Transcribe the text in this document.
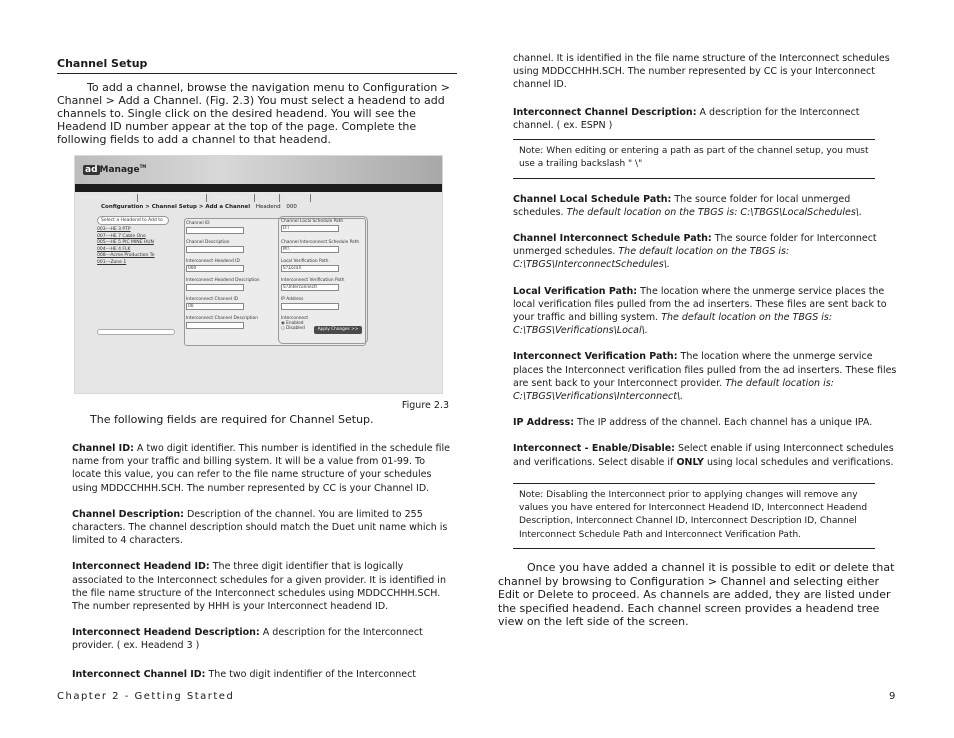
Channel Setup
To add a channel, browse the navigation menu to Configuration > Channel > Add a Channel. (Fig. 2.3) You must select a headend to add channels to. Single click on the desired headend. You will see the Headend ID number appear at the top of the page. Complete the following fields to add a channel to that headend.
ad Manage™
Alarm Management	Content Management	Configuration	Help	Logout
Configuration > Channel Setup > Add a Channel Headend 000
Select a Headend to Add to
003---HE 3 PTP
007---HE 7 Cable One
005---HE 5 PIC MINE HUN
004---HE 4 FLK
008---Acme Production Te
001---Zone 1
Channel ID
Channel Description
Interconnect Headend ID
000
Interconnect Headend Description
Interconnect Channel ID
00
Interconnect Channel Description
Channel Local Schedule Path
D:\
Channel Interconnect Schedule Path
M:\
Local Verification Path
S:\Local\
Interconnect Verification Path
S:\Interconnect\
IP Address
Interconnect
◉ Enabled
○ Disabled	Apply Changes >>
Figure 2.3
The following fields are required for Channel Setup.
Channel ID: A two digit identifier. This number is identified in the schedule file name from your traffic and billing system. It will be a value from 01-99. To locate this value, you can refer to the file name structure of your schedules using MDDCCHHH.SCH. The number represented by CC is your Channel ID.
Channel Description: Description of the channel. You are limited to 255 characters. The channel description should match the Duet unit name which is limited to 4 characters.
Interconnect Headend ID: The three digit identifier that is logically associated to the Interconnect schedules for a given provider. It is identified in the file name structure of the Interconnect schedules using MDDCCHHH.SCH. The number represented by HHH is your Interconnect headend ID.
Interconnect Headend Description: A description for the Interconnect provider. ( ex. Headend 3 )
Interconnect Channel ID: The two digit indentifier of the Interconnect
channel. It is identified in the file name structure of the Interconnect schedules using MDDCCHHH.SCH. The number represented by CC is your Interconnect channel ID.
Interconnect Channel Description: A description for the Interconnect channel. ( ex. ESPN )
Note: When editing or entering a path as part of the channel setup, you must use a trailing backslash " \"
Channel Local Schedule Path: The source folder for local unmerged schedules. The default location on the TBGS is: C:\TBGS\LocalSchedules\.
Channel Interconnect Schedule Path: The source folder for Interconnect unmerged schedules. The default location on the TBGS is: C:\TBGS\InterconnectSchedules\.
Local Verification Path: The location where the unmerge service places the local verification files pulled from the ad inserters. These files are sent back to your traffic and billing system. The default location on the TBGS is: C:\TBGS\Verifications\Local\.
Interconnect Verification Path: The location where the unmerge service places the Interconnect verification files pulled from the ad inserters. These files are sent back to your Interconnect provider. The default location is: C:\TBGS\Verifications\Interconnect\.
IP Address: The IP address of the channel. Each channel has a unique IPA.
Interconnect - Enable/Disable: Select enable if using Interconnect schedules and verifications. Select disable if ONLY using local schedules and verifications.
Note: Disabling the Interconnect prior to applying changes will remove any values you have entered for Interconnect Headend ID, Interconnect Headend Description, Interconnect Channel ID, Interconnect Description ID, Channel Interconnect Schedule Path and Interconnect Verification Path.
Once you have added a channel it is possible to edit or delete that channel by browsing to Configuration > Channel and selecting either Edit or Delete to proceed. As channels are added, they are listed under the specified headend. Each channel screen provides a headend tree view on the left side of the screen.
Chapter 2 - Getting Started	9
